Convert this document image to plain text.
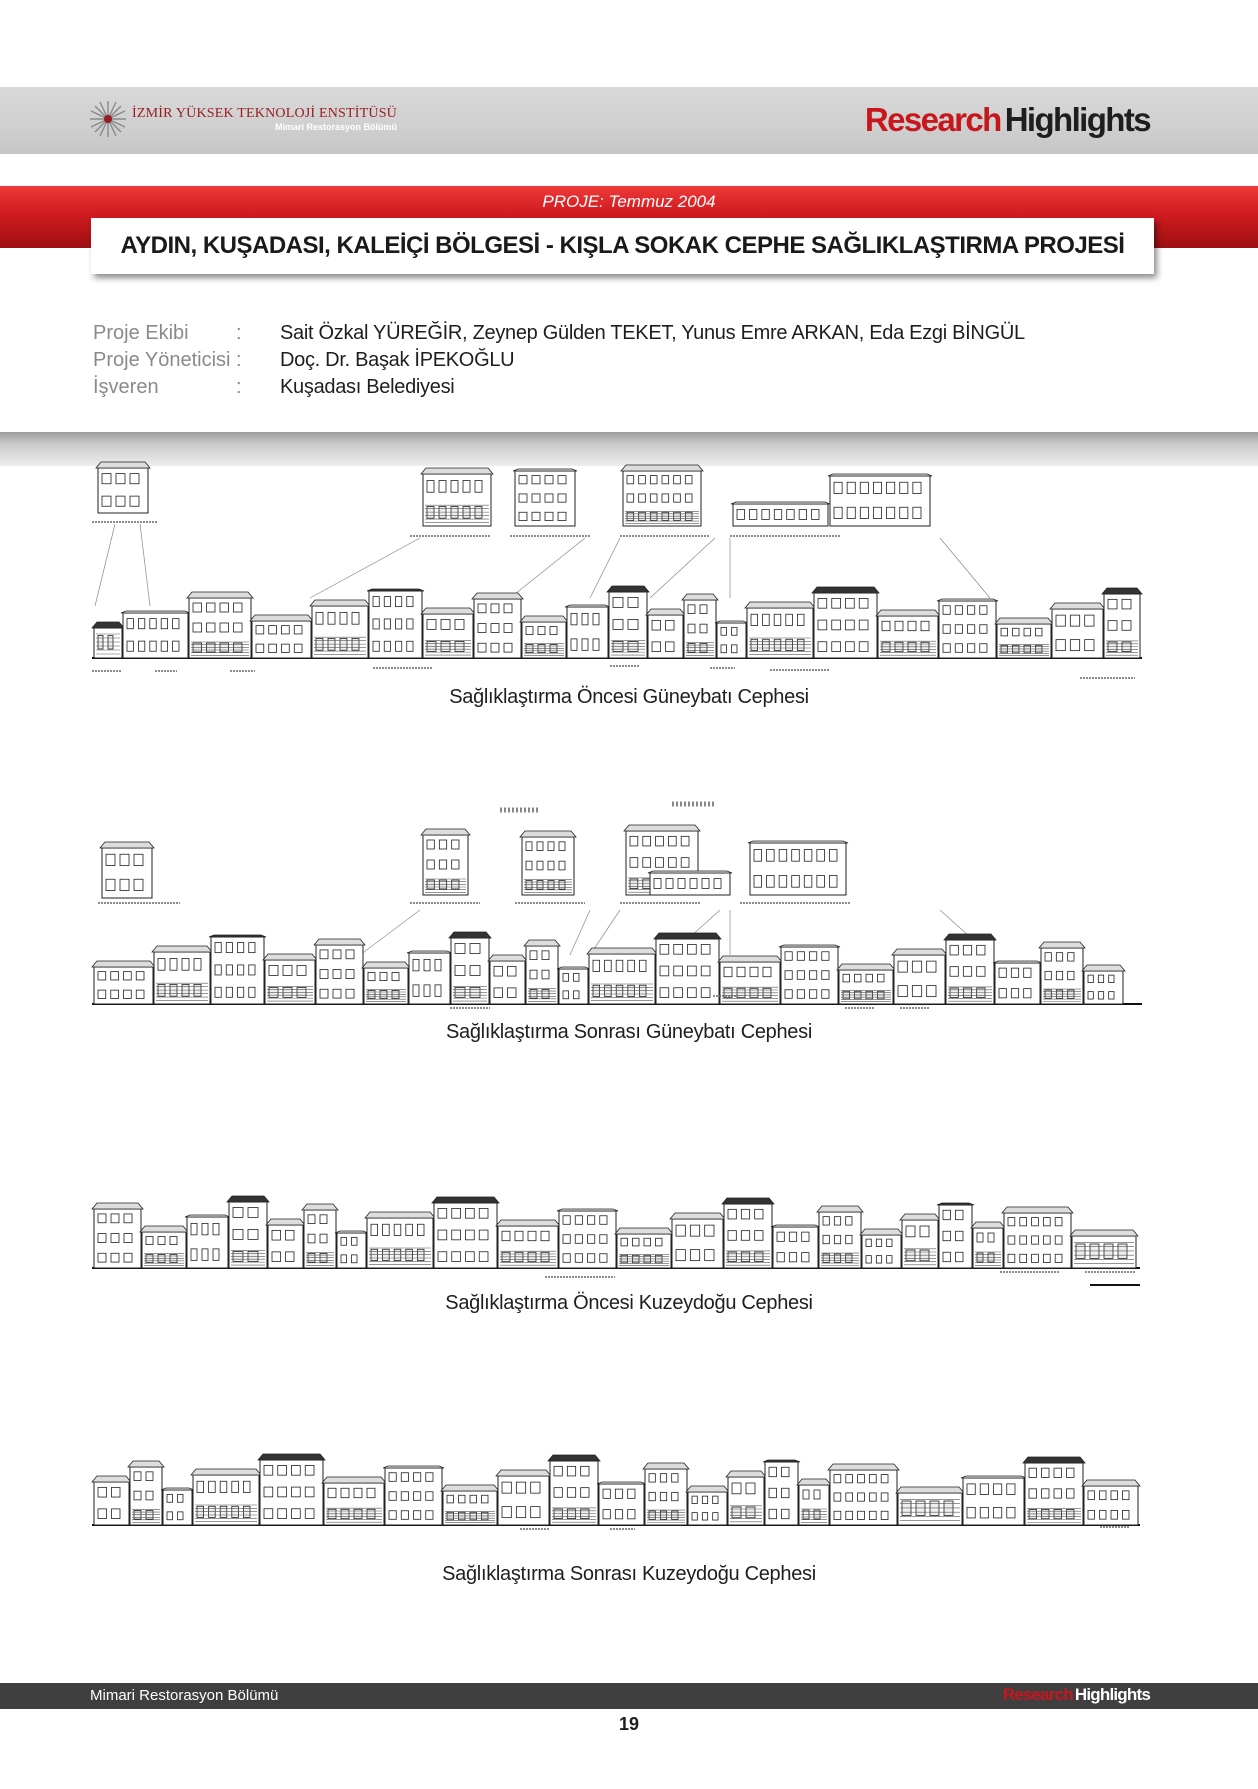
İZMİR YÜKSEK TEKNOLOJİ ENSTİTÜSÜ
Mimari Restorasyon Bölümü	Research Highlights
PROJE: Temmuz 2004
AYDIN, KUŞADASI, KALEİÇİ BÖLGESİ - KIŞLA SOKAK CEPHE SAĞLIKLAŞTIRMA PROJESİ
Proje Ekibi	:	Sait Özkal YÜREĞİR, Zeynep Gülden TEKET, Yunus Emre ARKAN, Eda Ezgi BİNGÜL
Proje Yöneticisi :	Doç. Dr. Başak İPEKOĞLU
İşveren	:	Kuşadası Belediyesi
Sağlıklaştırma Öncesi Güneybatı Cephesi
Sağlıklaştırma Sonrası Güneybatı Cephesi
Sağlıklaştırma Öncesi Kuzeydoğu Cephesi
Sağlıklaştırma Sonrası Kuzeydoğu Cephesi
Mimari Restorasyon Bölümü	Research Highlights
19
